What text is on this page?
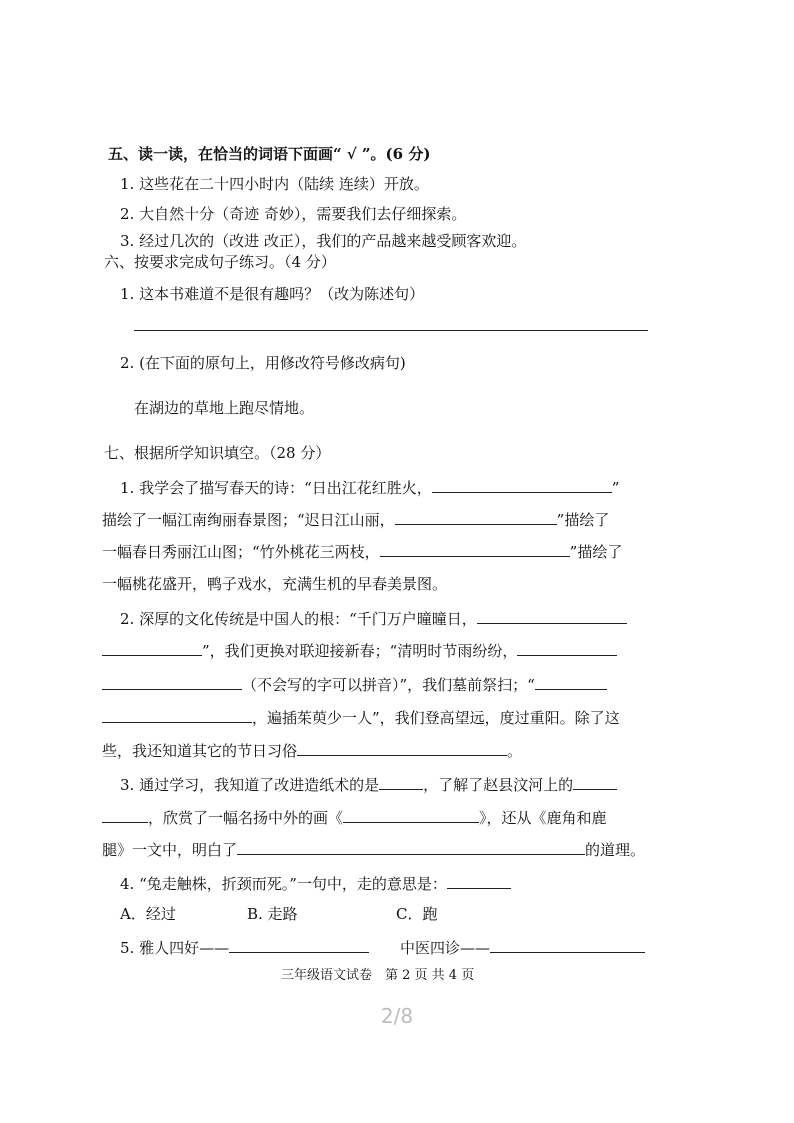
五、读一读，在恰当的词语下面画“ √ ”。(6 分)
1. 这些花在二十四小时内（陆续 连续）开放。
2. 大自然十分（奇迹 奇妙），需要我们去仔细探索。
3. 经过几次的（改进 改正），我们的产品越来越受顾客欢迎。
六、按要求完成句子练习。（4 分）
1. 这本书难道不是很有趣吗？（改为陈述句）
2. (在下面的原句上，用修改符号修改病句)
在湖边的草地上跑尽情地。
七、根据所学知识填空。（28 分）
1. 我学会了描写春天的诗：“日出江花红胜火，	”
描绘了一幅江南绚丽春景图；“迟日江山丽，	”描绘了
一幅春日秀丽江山图；“竹外桃花三两枝，	”描绘了
一幅桃花盛开，鸭子戏水，充满生机的早春美景图。
2. 深厚的文化传统是中国人的根：“千门万户曈曈日，
”，我们更换对联迎接新春；“清明时节雨纷纷，
（不会写的字可以拼音）”，我们墓前祭扫；“
，遍插茱萸少一人”，我们登高望远，度过重阳。除了这
些，我还知道其它的节日习俗	。
3. 通过学习，我知道了改进造纸术的是	，了解了赵县汶河上的
，欣赏了一幅名扬中外的画《	》，还从《鹿角和鹿
腿》一文中，明白了	的道理。
4. “兔走触株，折颈而死。”一句中，走的意思是：
A．经过	B. 走路	C．跑
5. 雅人四好——	中医四诊——
三年级语文试卷　第 2 页 共 4 页
2/8
